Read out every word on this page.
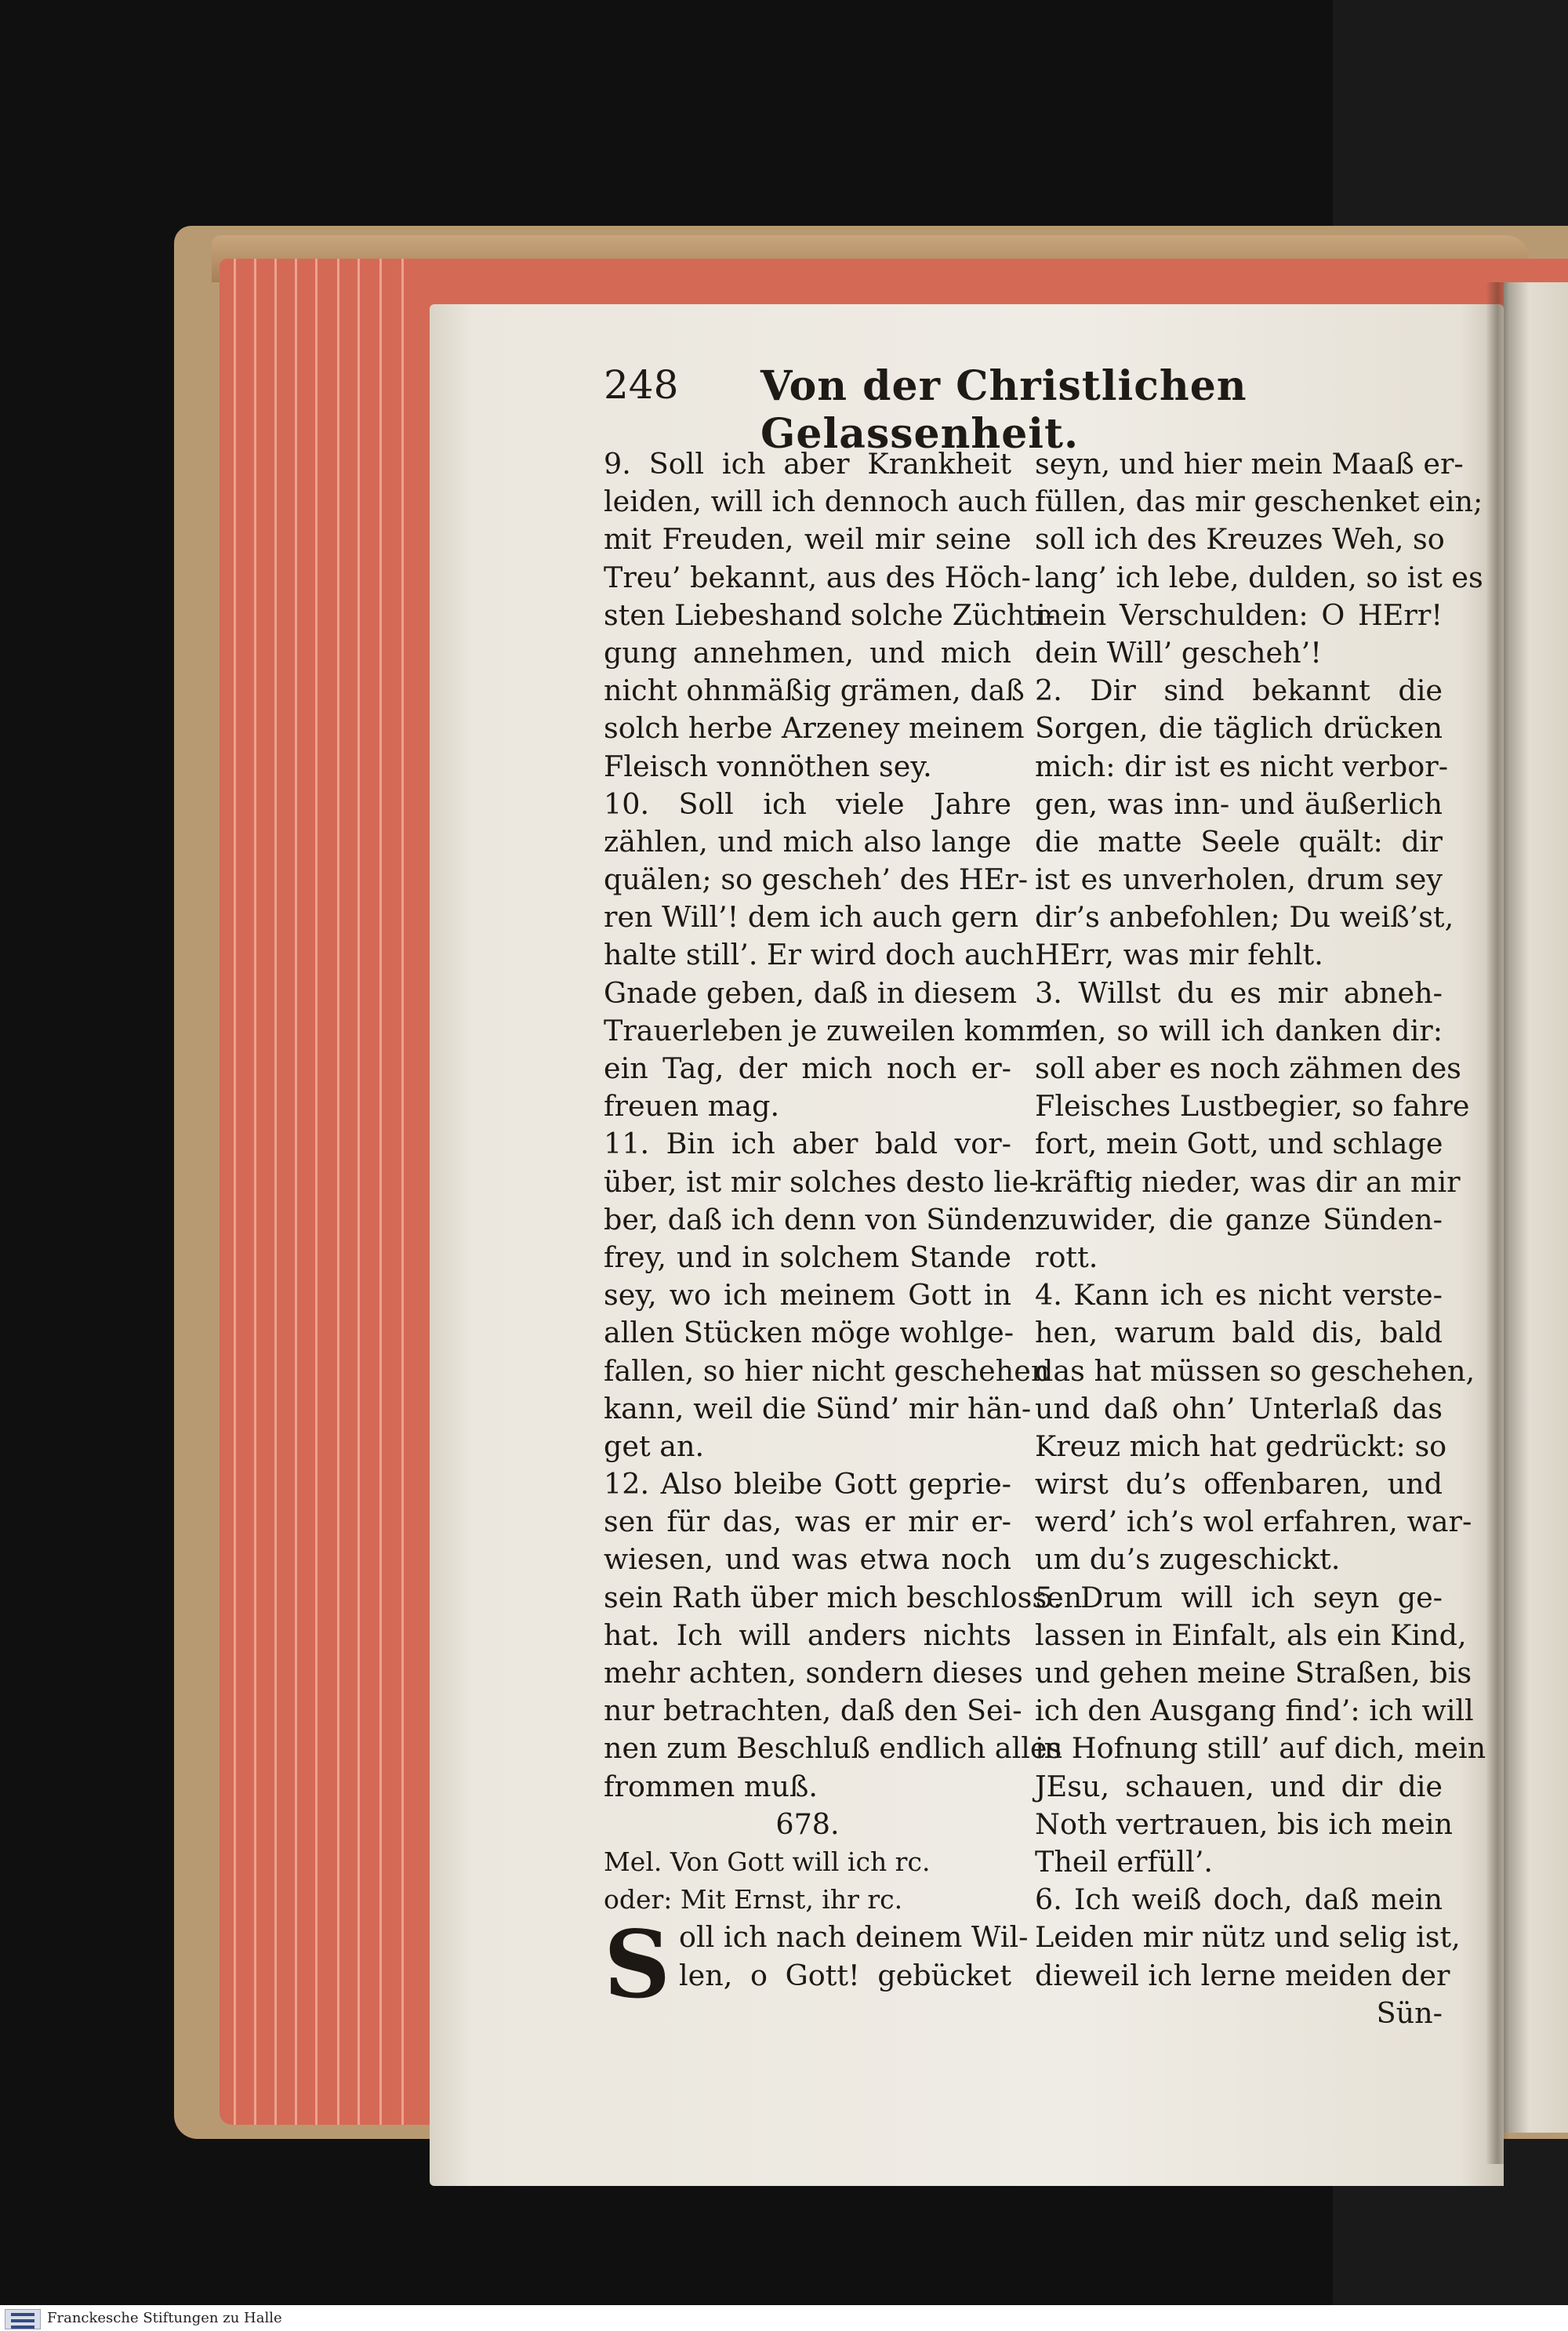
248 Von der Christlichen Gelassenheit.
9. Soll ich aber Krankheit
leiden, will ich dennoch auch
mit Freuden, weil mir seine
Treu’ bekannt, aus des Höch-
sten Liebeshand solche Züchti-
gung annehmen, und mich
nicht ohnmäßig grämen, daß
solch herbe Arzeney meinem
Fleisch vonnöthen sey.
10. Soll ich viele Jahre
zählen, und mich also lange
quälen; so gescheh’ des HEr-
ren Will’! dem ich auch gern
halte still’. Er wird doch auch
Gnade geben, daß in diesem
Trauerleben je zuweilen komm’
ein Tag, der mich noch er-
freuen mag.
11. Bin ich aber bald vor-
über, ist mir solches desto lie-
ber, daß ich denn von Sünden
frey, und in solchem Stande
sey, wo ich meinem Gott in
allen Stücken möge wohlge-
fallen, so hier nicht geschehen
kann, weil die Sünd’ mir hän-
get an.
12. Also bleibe Gott geprie-
sen für das, was er mir er-
wiesen, und was etwa noch
sein Rath über mich beschlossen
hat. Ich will anders nichts
mehr achten, sondern dieses
nur betrachten, daß den Sei-
nen zum Beschluß endlich alles
frommen muß.
678.
Mel. Von Gott will ich rc.
oder: Mit Ernst, ihr rc.
oll ich nach deinem Wil-
len, o Gott! gebücket
S
seyn, und hier mein Maaß er-
füllen, das mir geschenket ein;
soll ich des Kreuzes Weh, so
lang’ ich lebe, dulden, so ist es
mein Verschulden: O HErr!
dein Will’ gescheh’!
2. Dir sind bekannt die
Sorgen, die täglich drücken
mich: dir ist es nicht verbor-
gen, was inn- und äußerlich
die matte Seele quält: dir
ist es unverholen, drum sey
dir’s anbefohlen; Du weiß’st,
HErr, was mir fehlt.
3. Willst du es mir abneh-
men, so will ich danken dir:
soll aber es noch zähmen des
Fleisches Lustbegier, so fahre
fort, mein Gott, und schlage
kräftig nieder, was dir an mir
zuwider, die ganze Sünden-
rott.
4. Kann ich es nicht verste-
hen, warum bald dis, bald
das hat müssen so geschehen,
und daß ohn’ Unterlaß das
Kreuz mich hat gedrückt: so
wirst du’s offenbaren, und
werd’ ich’s wol erfahren, war-
um du’s zugeschickt.
5. Drum will ich seyn ge-
lassen in Einfalt, als ein Kind,
und gehen meine Straßen, bis
ich den Ausgang find’: ich will
in Hofnung still’ auf dich, mein
JEsu, schauen, und dir die
Noth vertrauen, bis ich mein
Theil erfüll’.
6. Ich weiß doch, daß mein
Leiden mir nütz und selig ist,
dieweil ich lerne meiden der
Sün-
Franckesche Stiftungen zu Halle
